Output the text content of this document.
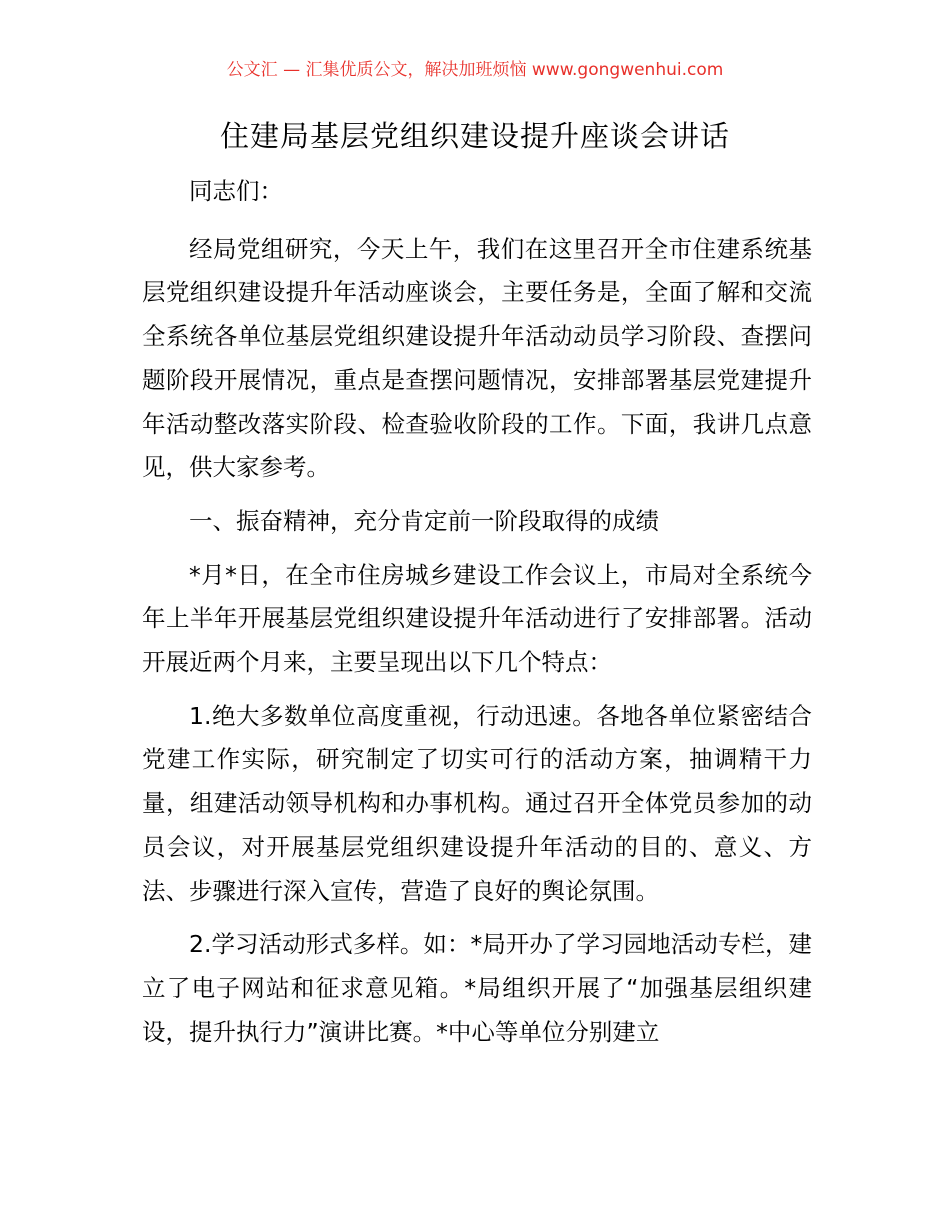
公文汇 — 汇集优质公文，解决加班烦恼 www.gongwenhui.com
住建局基层党组织建设提升座谈会讲话

同志们：

经局党组研究，今天上午，我们在这里召开全市住建系统基层党组织建设提升年活动座谈会，主要任务是，全面了解和交流全系统各单位基层党组织建设提升年活动动员学习阶段、查摆问题阶段开展情况，重点是查摆问题情况，安排部署基层党建提升年活动整改落实阶段、检查验收阶段的工作。下面，我讲几点意见，供大家参考。

一、振奋精神，充分肯定前一阶段取得的成绩

*月*日，在全市住房城乡建设工作会议上，市局对全系统今年上半年开展基层党组织建设提升年活动进行了安排部署。活动开展近两个月来，主要呈现出以下几个特点：

1.绝大多数单位高度重视，行动迅速。各地各单位紧密结合党建工作实际，研究制定了切实可行的活动方案，抽调精干力量，组建活动领导机构和办事机构。通过召开全体党员参加的动员会议，对开展基层党组织建设提升年活动的目的、意义、方法、步骤进行深入宣传，营造了良好的舆论氛围。

2.学习活动形式多样。如：*局开办了学习园地活动专栏，建立了电子网站和征求意见箱。*局组织开展了“加强基层组织建设，提升执行力”演讲比赛。*中心等单位分别建立
